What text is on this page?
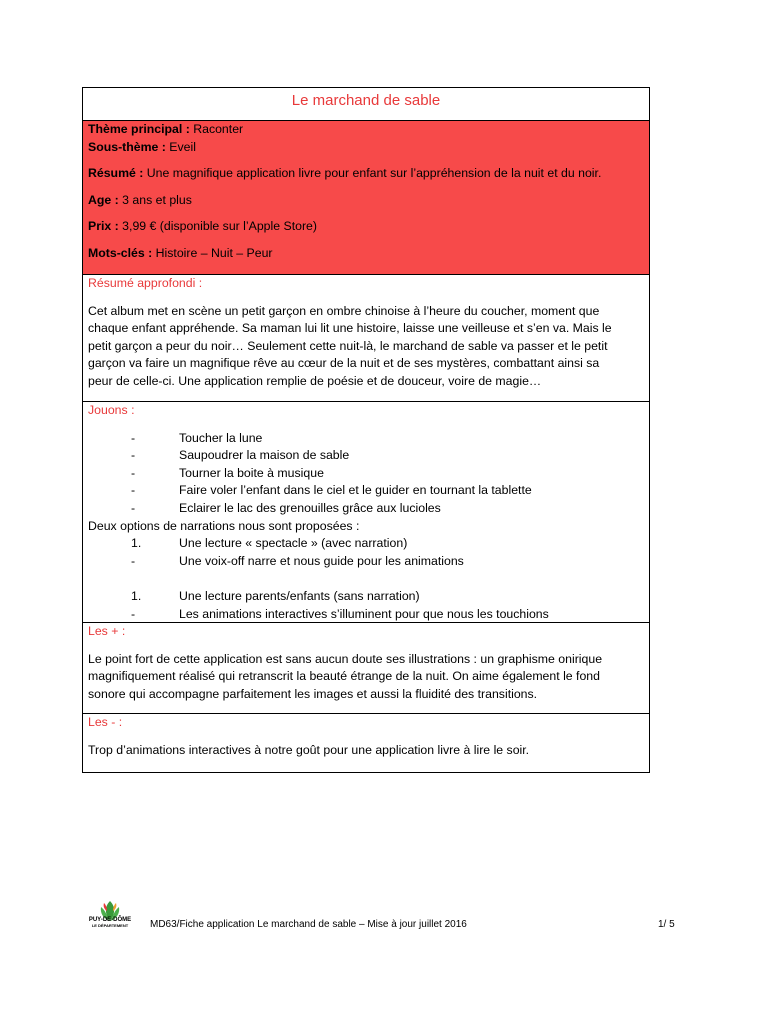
Le marchand de sable

Thème principal : Raconter

Sous-thème : Eveil

Résumé : Une magnifique application livre pour enfant sur l’appréhension de la nuit et du noir.

Age : 3 ans et plus

Prix : 3,99 € (disponible sur l’Apple Store)

Mots-clés : Histoire – Nuit – Peur

Résumé approfondi :

Cet album met en scène un petit garçon en ombre chinoise à l’heure du coucher, moment que
chaque enfant appréhende. Sa maman lui lit une histoire, laisse une veilleuse et s’en va. Mais le
petit garçon a peur du noir… Seulement cette nuit-là, le marchand de sable va passer et le petit
garçon va faire un magnifique rêve au cœur de la nuit et de ses mystères, combattant ainsi sa
peur de celle-ci. Une application remplie de poésie et de douceur, voire de magie…

Jouons :

-	Toucher la lune
-	Saupoudrer la maison de sable
-	Tourner la boite à musique
-	Faire voler l’enfant dans le ciel et le guider en tournant la tablette
-	Eclairer le lac des grenouilles grâce aux lucioles
Deux options de narrations nous sont proposées :
1.	Une lecture « spectacle » (avec narration)
-	Une voix-off narre et nous guide pour les animations
1.	Une lecture parents/enfants (sans narration)
-	Les animations interactives s’illuminent pour que nous les touchions

Les + :

Le point fort de cette application est sans aucun doute ses illustrations : un graphisme onirique
magnifiquement réalisé qui retranscrit la beauté étrange de la nuit. On aime également le fond
sonore qui accompagne parfaitement les images et aussi la fluidité des transitions.

Les - :

Trop d’animations interactives à notre goût pour une application livre à lire le soir.
PUY-DE-DÔME
LE DÉPARTEMENT	MD63/Fiche application Le marchand de sable – Mise à jour juillet 2016	1/ 5
